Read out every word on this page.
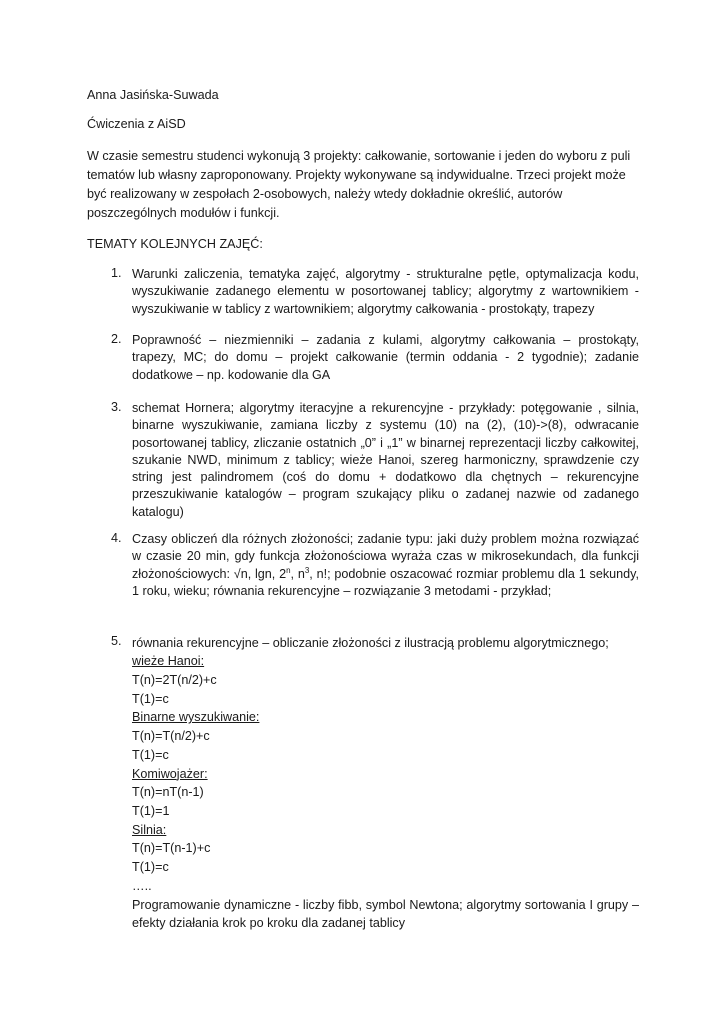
Anna Jasińska-Suwada
Ćwiczenia z AiSD
W czasie semestru studenci wykonują 3 projekty: całkowanie, sortowanie i jeden do wyboru z puli tematów lub własny zaproponowany. Projekty wykonywane są indywidualne. Trzeci projekt może być realizowany w zespołach 2-osobowych, należy wtedy dokładnie określić, autorów poszczególnych modułów i funkcji.
TEMATY KOLEJNYCH ZAJĘĆ:
1. Warunki zaliczenia, tematyka zajęć, algorytmy - strukturalne pętle, optymalizacja kodu, wyszukiwanie zadanego elementu w posortowanej tablicy; algorytmy z wartownikiem - wyszukiwanie w tablicy z wartownikiem; algorytmy całkowania - prostokąty, trapezy
2. Poprawność – niezmienniki – zadania z kulami, algorytmy całkowania – prostokąty, trapezy, MC; do domu – projekt całkowanie (termin oddania - 2 tygodnie); zadanie dodatkowe – np. kodowanie dla GA
3. schemat Hornera; algorytmy iteracyjne a rekurencyjne - przykłady: potęgowanie , silnia, binarne wyszukiwanie, zamiana liczby z systemu (10) na (2), (10)->(8), odwracanie posortowanej tablicy, zliczanie ostatnich „0” i „1” w binarnej reprezentacji liczby całkowitej, szukanie NWD, minimum z tablicy; wieże Hanoi, szereg harmoniczny, sprawdzenie czy string jest palindromem (coś do domu + dodatkowo dla chętnych – rekurencyjne przeszukiwanie katalogów – program szukający pliku o zadanej nazwie od zadanego katalogu)
4. Czasy obliczeń dla różnych złożoności; zadanie typu: jaki duży problem można rozwiązać w czasie 20 min, gdy funkcja złożonościowa wyraża czas w mikrosekundach, dla funkcji złożonościowych: √n, lgn, 2$^n$, $n^3$, n!; podobnie oszacować rozmiar problemu dla 1 sekundy, 1 roku, wieku; równania rekurencyjne – rozwiązanie 3 metodami - przykład;
5. równania rekurencyjne – obliczanie złożoności z ilustracją problemu algorytmicznego;
wieże Hanoi:
T(n)=2T(n/2)+c
T(1)=c
Binarne wyszukiwanie:
T(n)=T(n/2)+c
T(1)=c
Komiwojażer:
T(n)=nT(n-1)
T(1)=1
Silnia:
T(n)=T(n-1)+c
T(1)=c
…..
Programowanie dynamiczne - liczby fibb, symbol Newtona; algorytmy sortowania I grupy – efekty działania krok po kroku dla zadanej tablicy
